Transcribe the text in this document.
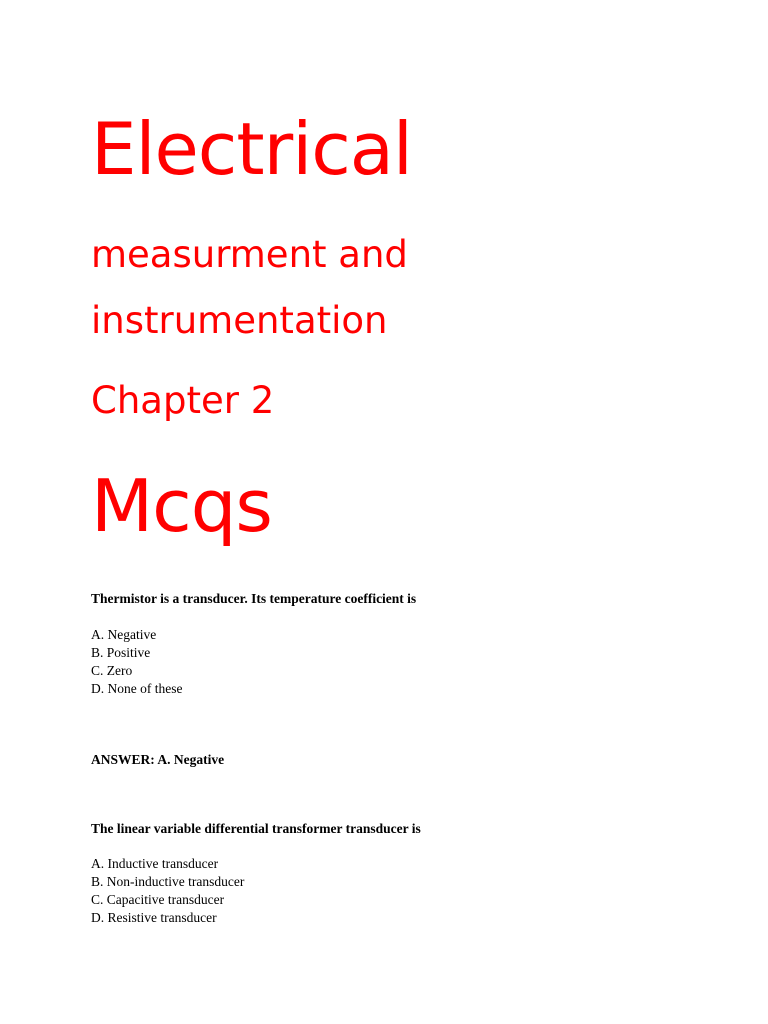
Electrical
measurment and
instrumentation
Chapter 2
Mcqs

Thermistor is a transducer. Its temperature coefficient is

A. Negative
B. Positive
C. Zero
D. None of these

ANSWER: A. Negative

The linear variable differential transformer transducer is

A. Inductive transducer
B. Non-inductive transducer
C. Capacitive transducer
D. Resistive transducer
